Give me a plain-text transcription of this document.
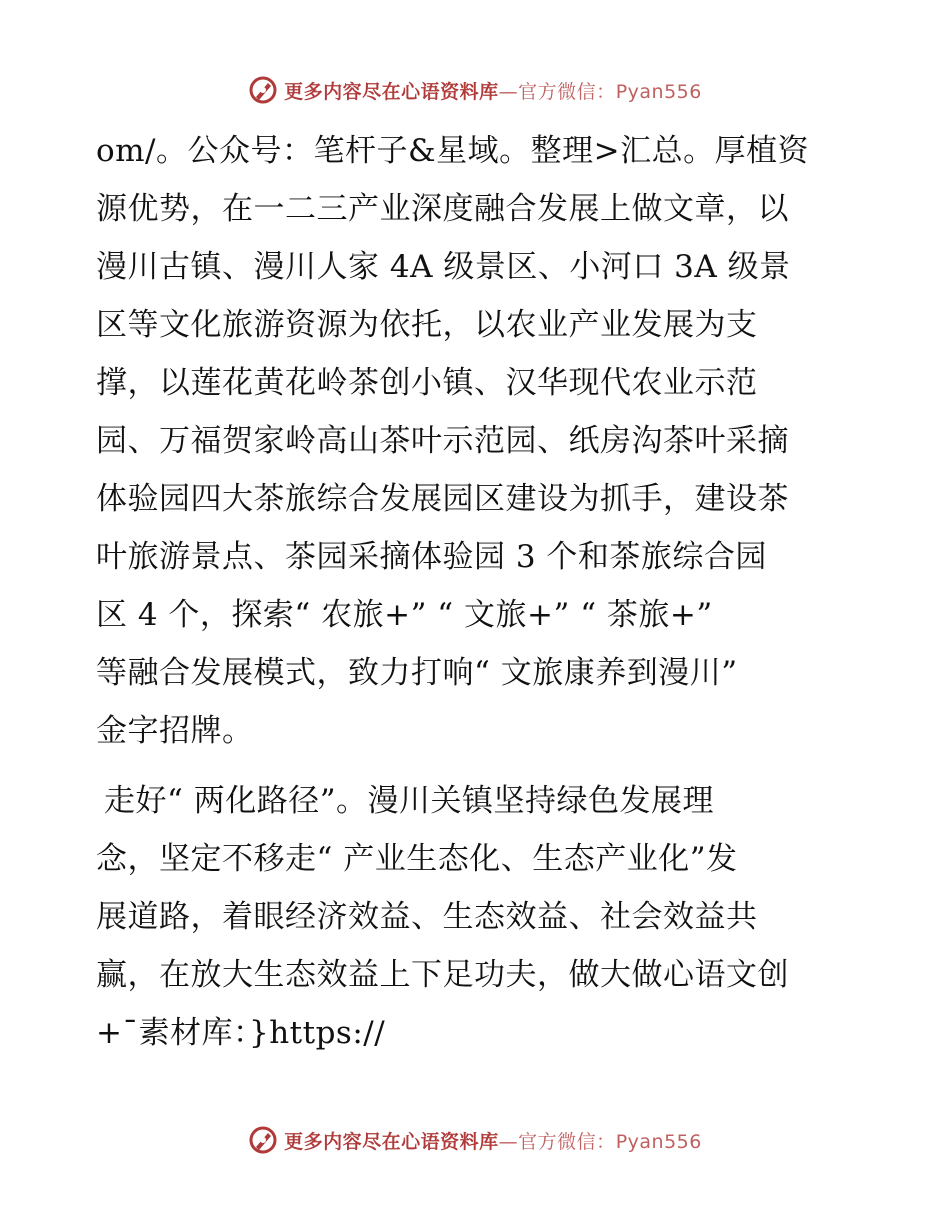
更多内容尽在心语资料库—官方微信：Pyan556
om/。公众号：笔杆子&星域。整理>汇总。厚植资
源优势，在一二三产业深度融合发展上做文章，以
漫川古镇、漫川人家 4A 级景区、小河口 3A 级景
区等文化旅游资源为依托，以农业产业发展为支
撑，以莲花黄花岭茶创小镇、汉华现代农业示范
园、万福贺家岭高山茶叶示范园、纸房沟茶叶采摘
体验园四大茶旅综合发展园区建设为抓手，建设茶
叶旅游景点、茶园采摘体验园 3 个和茶旅综合园
区 4 个，探索“ 农旅+” “ 文旅+” “ 茶旅+”
等融合发展模式，致力打响“ 文旅康养到漫川”
金字招牌。
走好“ 两化路径”。漫川关镇坚持绿色发展理
念，坚定不移走“ 产业生态化、生态产业化”发
展道路，着眼经济效益、生态效益、社会效益共
赢，在放大生态效益上下足功夫，做大做心语文创
+¯素材库：}https://
更多内容尽在心语资料库—官方微信：Pyan556
